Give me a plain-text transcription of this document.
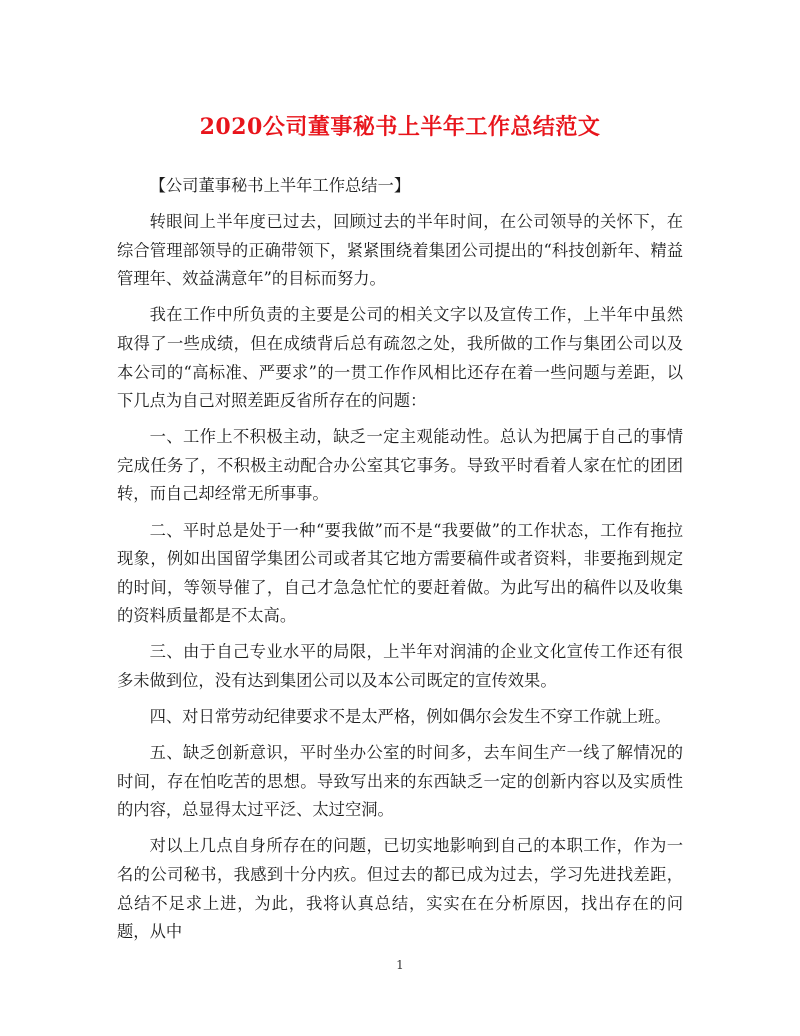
2020公司董事秘书上半年工作总结范文

【公司董事秘书上半年工作总结一】

转眼间上半年度已过去，回顾过去的半年时间，在公司领导的关怀下，在综合管理部领导的正确带领下，紧紧围绕着集团公司提出的“科技创新年、精益管理年、效益满意年”的目标而努力。

我在工作中所负责的主要是公司的相关文字以及宣传工作，上半年中虽然取得了一些成绩，但在成绩背后总有疏忽之处，我所做的工作与集团公司以及本公司的“高标准、严要求”的一贯工作作风相比还存在着一些问题与差距，以下几点为自己对照差距反省所存在的问题：

一、工作上不积极主动，缺乏一定主观能动性。总认为把属于自己的事情完成任务了，不积极主动配合办公室其它事务。导致平时看着人家在忙的团团转，而自己却经常无所事事。

二、平时总是处于一种“要我做”而不是“我要做”的工作状态，工作有拖拉现象，例如出国留学集团公司或者其它地方需要稿件或者资料，非要拖到规定的时间，等领导催了，自己才急急忙忙的要赶着做。为此写出的稿件以及收集的资料质量都是不太高。

三、由于自己专业水平的局限，上半年对润浦的企业文化宣传工作还有很多未做到位，没有达到集团公司以及本公司既定的宣传效果。

四、对日常劳动纪律要求不是太严格，例如偶尔会发生不穿工作就上班。

五、缺乏创新意识，平时坐办公室的时间多，去车间生产一线了解情况的时间，存在怕吃苦的思想。导致写出来的东西缺乏一定的创新内容以及实质性的内容，总显得太过平泛、太过空洞。

对以上几点自身所存在的问题，已切实地影响到自己的本职工作，作为一名的公司秘书，我感到十分内疚。但过去的都已成为过去，学习先进找差距，总结不足求上进，为此，我将认真总结，实实在在分析原因，找出存在的问题，从中

1
